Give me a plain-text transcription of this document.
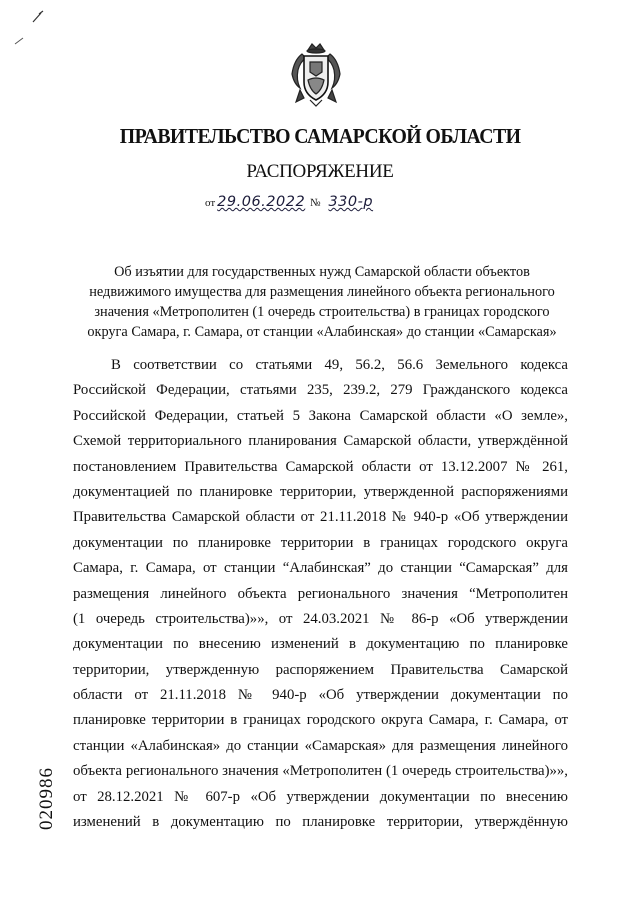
ПРАВИТЕЛЬСТВО САМАРСКОЙ ОБЛАСТИ
РАСПОРЯЖЕНИЕ
от 29.06.2022 № 330-р
Об изъятии для государственных нужд Самарской области объектов
недвижимого имущества для размещения линейного объекта регионального
значения «Метрополитен (1 очередь строительства) в границах городского
округа Самара, г. Самара, от станции «Алабинская» до станции «Самарская»
В соответствии со статьями 49, 56.2, 56.6 Земельного кодекса
Российской Федерации, статьями 235, 239.2, 279 Гражданского кодекса
Российской Федерации, статьей 5 Закона Самарской области «О земле»,
Схемой территориального планирования Самарской области, утверждённой
постановлением Правительства Самарской области от 13.12.2007 № 261,
документацией по планировке территории, утвержденной распоряжениями
Правительства Самарской области от 21.11.2018 № 940-р «Об утверждении
документации по планировке территории в границах городского округа
Самара, г. Самара, от станции “Алабинская” до станции “Самарская” для
размещения линейного объекта регионального значения “Метрополитен
(1 очередь строительства)»», от 24.03.2021 № 86-р «Об утверждении
документации по внесению изменений в документацию по планировке
территории, утвержденную распоряжением Правительства Самарской
области от 21.11.2018 № 940-р «Об утверждении документации по
планировке территории в границах городского округа Самара, г. Самара, от
станции «Алабинская» до станции «Самарская» для размещения линейного
объекта регионального значения «Метрополитен (1 очередь строительства)»»,
от 28.12.2021 № 607-р «Об утверждении документации по внесению
изменений в документацию по планировке территории, утверждённую
020986
